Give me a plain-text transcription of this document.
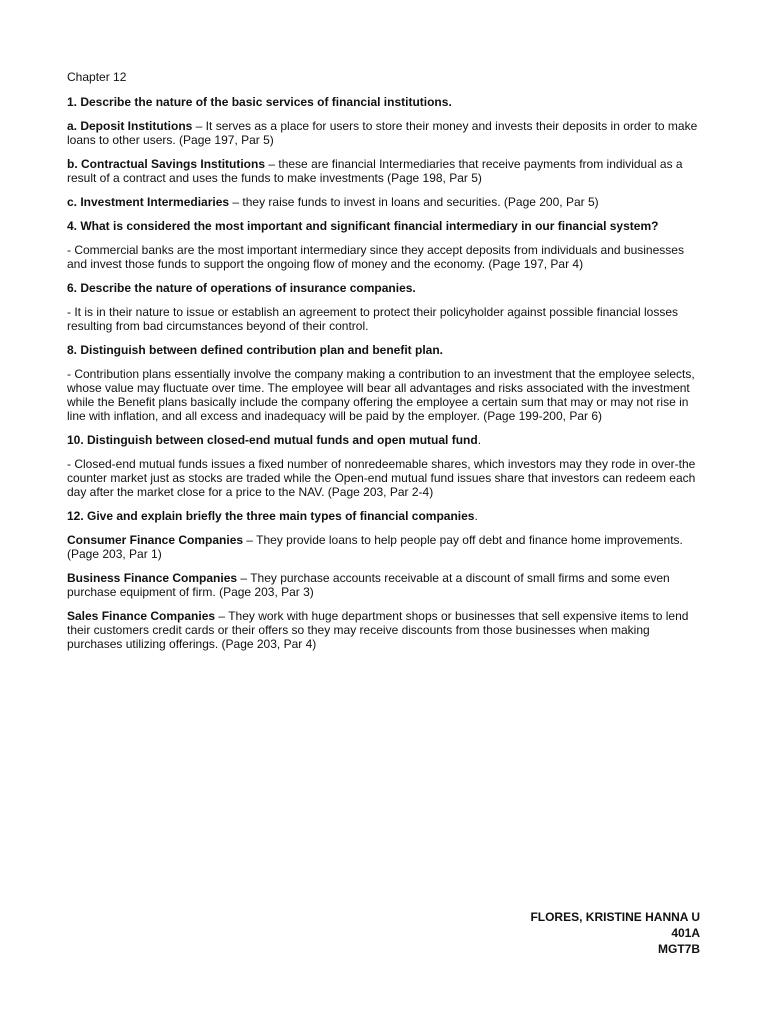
Chapter 12
1. Describe the nature of the basic services of financial institutions.
a. Deposit Institutions – It serves as a place for users to store their money and invests their deposits in order to make loans to other users. (Page 197, Par 5)
b. Contractual Savings Institutions – these are financial Intermediaries that receive payments from individual as a result of a contract and uses the funds to make investments (Page 198, Par 5)
c. Investment Intermediaries – they raise funds to invest in loans and securities. (Page 200, Par 5)
4. What is considered the most important and significant financial intermediary in our financial system?
- Commercial banks are the most important intermediary since they accept deposits from individuals and businesses and invest those funds to support the ongoing flow of money and the economy. (Page 197, Par 4)
6. Describe the nature of operations of insurance companies.
- It is in their nature to issue or establish an agreement to protect their policyholder against possible financial losses resulting from bad circumstances beyond of their control.
8. Distinguish between defined contribution plan and benefit plan.
- Contribution plans essentially involve the company making a contribution to an investment that the employee selects, whose value may fluctuate over time. The employee will bear all advantages and risks associated with the investment while the Benefit plans basically include the company offering the employee a certain sum that may or may not rise in line with inflation, and all excess and inadequacy will be paid by the employer. (Page 199-200, Par 6)
10. Distinguish between closed-end mutual funds and open mutual fund.
- Closed-end mutual funds issues a fixed number of nonredeemable shares, which investors may they rode in over-the counter market just as stocks are traded while the Open-end mutual fund issues share that investors can redeem each day after the market close for a price to the NAV. (Page 203, Par 2-4)
12. Give and explain briefly the three main types of financial companies.
Consumer Finance Companies – They provide loans to help people pay off debt and finance home improvements. (Page 203, Par 1)
Business Finance Companies – They purchase accounts receivable at a discount of small firms and some even purchase equipment of firm. (Page 203, Par 3)
Sales Finance Companies – They work with huge department shops or businesses that sell expensive items to lend their customers credit cards or their offers so they may receive discounts from those businesses when making purchases utilizing offerings. (Page 203, Par 4)
FLORES, KRISTINE HANNA U
401A
MGT7B
